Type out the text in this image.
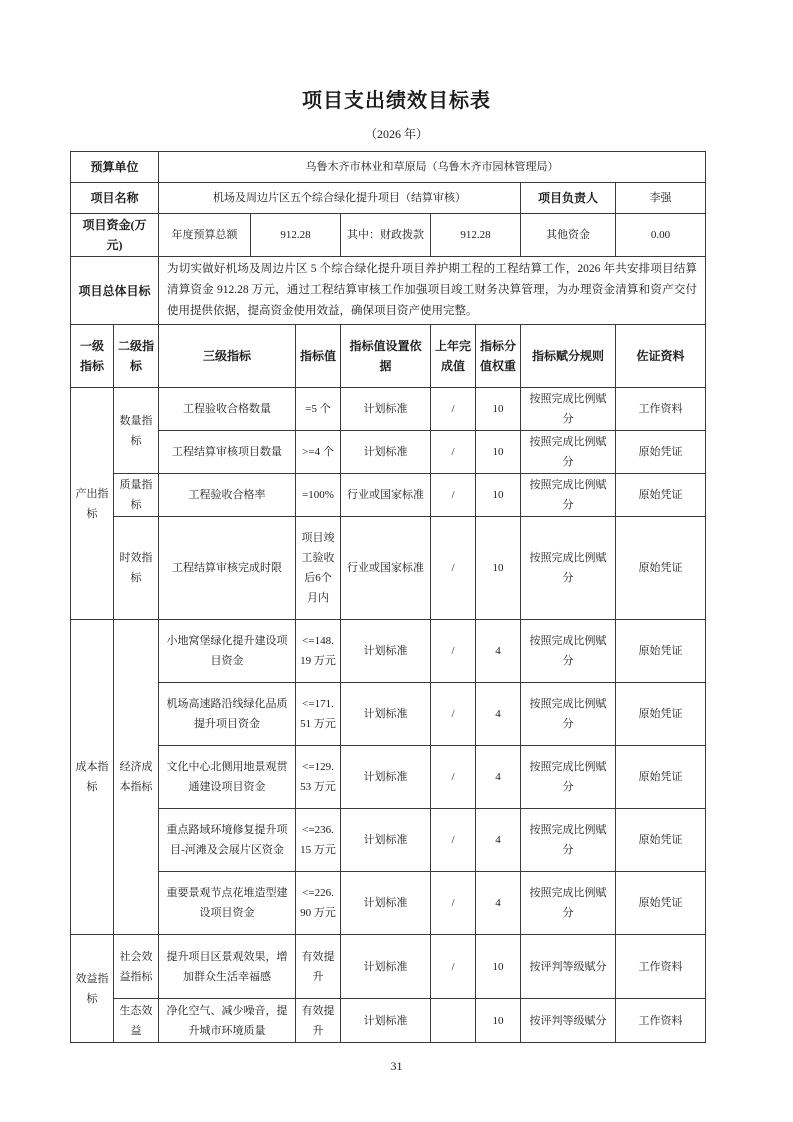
项目支出绩效目标表
（2026 年）
预算单位	乌鲁木齐市林业和草原局（乌鲁木齐市园林管理局）					
项目名称	机场及周边片区五个综合绿化提升项目（结算审核）				项目负责人	李强
项目资金(万元)	年度预算总额	912.28	其中：财政拨款	912.28	其他资金	0.00
项目总体目标	为切实做好机场及周边片区 5 个综合绿化提升项目养护期工程的工程结算工作，2026 年共安排项目结算清算资金 912.28 万元，通过工程结算审核工作加强项目竣工财务决算管理，为办理资金清算和资产交付使用提供依据，提高资金使用效益，确保项目资产使用完整。					
一级指标	二级指标	三级指标	指标值	指标值设置依据	上年完成值	指标分值权重	指标赋分规则	佐证资料
产出指标	数量指标	工程验收合格数量	=5 个	计划标准	/	10	按照完成比例赋分	工作资料
		工程结算审核项目数量	>=4 个	计划标准	/	10	按照完成比例赋分	原始凭证
	质量指标	工程验收合格率	=100%	行业或国家标准	/	10	按照完成比例赋分	原始凭证
	时效指标	工程结算审核完成时限	项目竣工验收后6个月内	行业或国家标准	/	10	按照完成比例赋分	原始凭证
成本指标	经济成本指标	小地窝堡绿化提升建设项目资金	<=148.19 万元	计划标准	/	4	按照完成比例赋分	原始凭证
		机场高速路沿线绿化品质提升项目资金	<=171.51 万元	计划标准	/	4	按照完成比例赋分	原始凭证
		文化中心北侧用地景观贯通建设项目资金	<=129.53 万元	计划标准	/	4	按照完成比例赋分	原始凭证
		重点路域环境修复提升项目-河滩及会展片区资金	<=236.15 万元	计划标准	/	4	按照完成比例赋分	原始凭证
		重要景观节点花堆造型建设项目资金	<=226.90 万元	计划标准	/	4	按照完成比例赋分	原始凭证
效益指标	社会效益指标	提升项目区景观效果，增加群众生活幸福感	有效提升	计划标准	/	10	按评判等级赋分	工作资料
	生态效益	净化空气、减少噪音，提升城市环境质量	有效提升	计划标准		10	按评判等级赋分	工作资料
31
